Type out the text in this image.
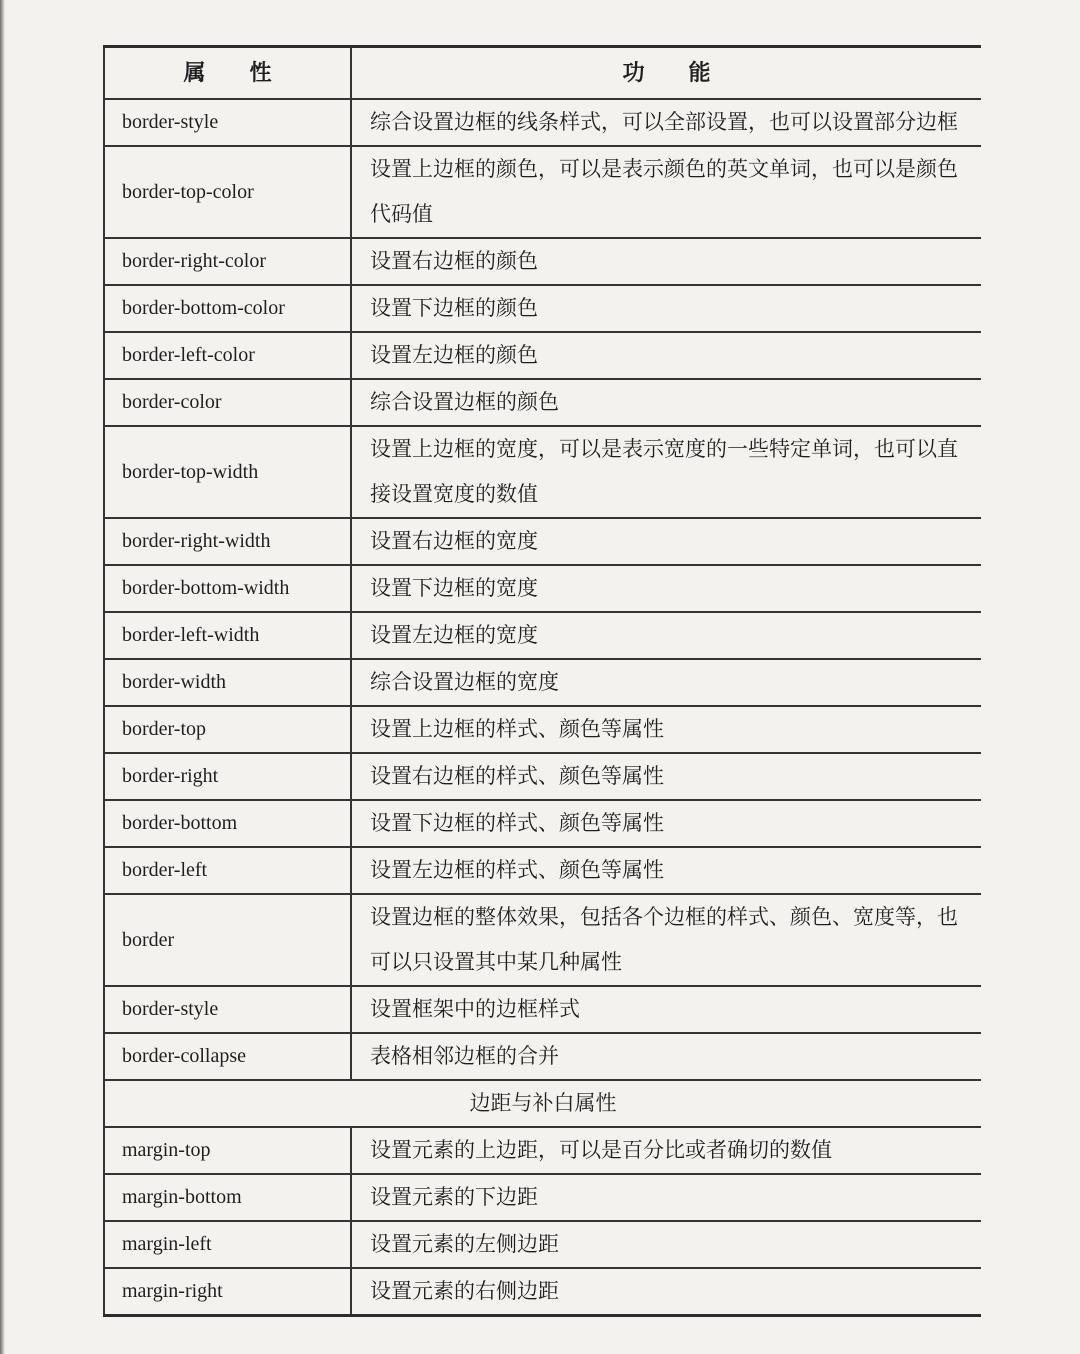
属　　性	功　　能
border-style	综合设置边框的线条样式，可以全部设置，也可以设置部分边框
border-top-color	设置上边框的颜色，可以是表示颜色的英文单词，也可以是颜色代码值
border-right-color	设置右边框的颜色
border-bottom-color	设置下边框的颜色
border-left-color	设置左边框的颜色
border-color	综合设置边框的颜色
border-top-width	设置上边框的宽度，可以是表示宽度的一些特定单词，也可以直接设置宽度的数值
border-right-width	设置右边框的宽度
border-bottom-width	设置下边框的宽度
border-left-width	设置左边框的宽度
border-width	综合设置边框的宽度
border-top	设置上边框的样式、颜色等属性
border-right	设置右边框的样式、颜色等属性
border-bottom	设置下边框的样式、颜色等属性
border-left	设置左边框的样式、颜色等属性
border	设置边框的整体效果，包括各个边框的样式、颜色、宽度等，也可以只设置其中某几种属性
border-style	设置框架中的边框样式
border-collapse	表格相邻边框的合并
边距与补白属性	
margin-top	设置元素的上边距，可以是百分比或者确切的数值
margin-bottom	设置元素的下边距
margin-left	设置元素的左侧边距
margin-right	设置元素的右侧边距
